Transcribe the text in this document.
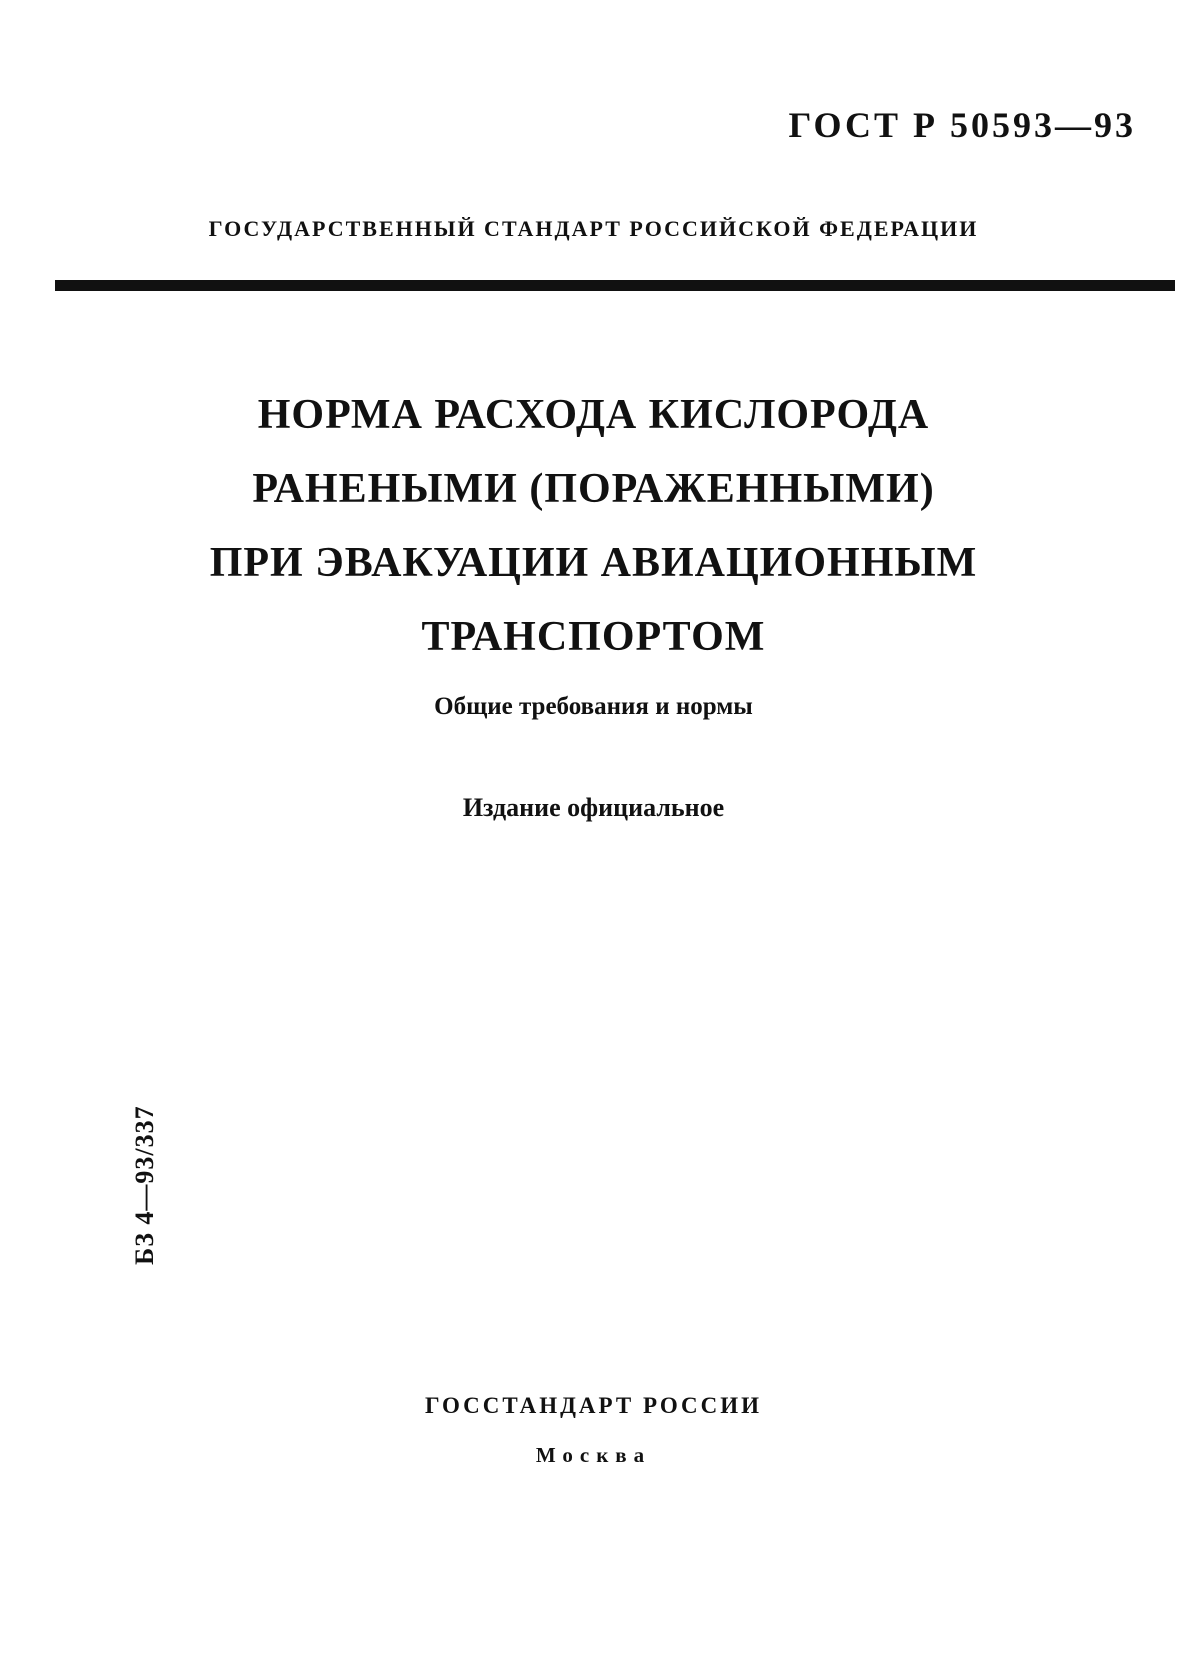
ГОСТ Р 50593—93
ГОСУДАРСТВЕННЫЙ СТАНДАРТ РОССИЙСКОЙ ФЕДЕРАЦИИ
НОРМА РАСХОДА КИСЛОРОДА
РАНЕНЫМИ (ПОРАЖЕННЫМИ)
ПРИ ЭВАКУАЦИИ АВИАЦИОННЫМ
ТРАНСПОРТОМ
Общие требования и нормы
Издание официальное
БЗ 4—93/337
ГОССТАНДАРТ РОССИИ
Москва
